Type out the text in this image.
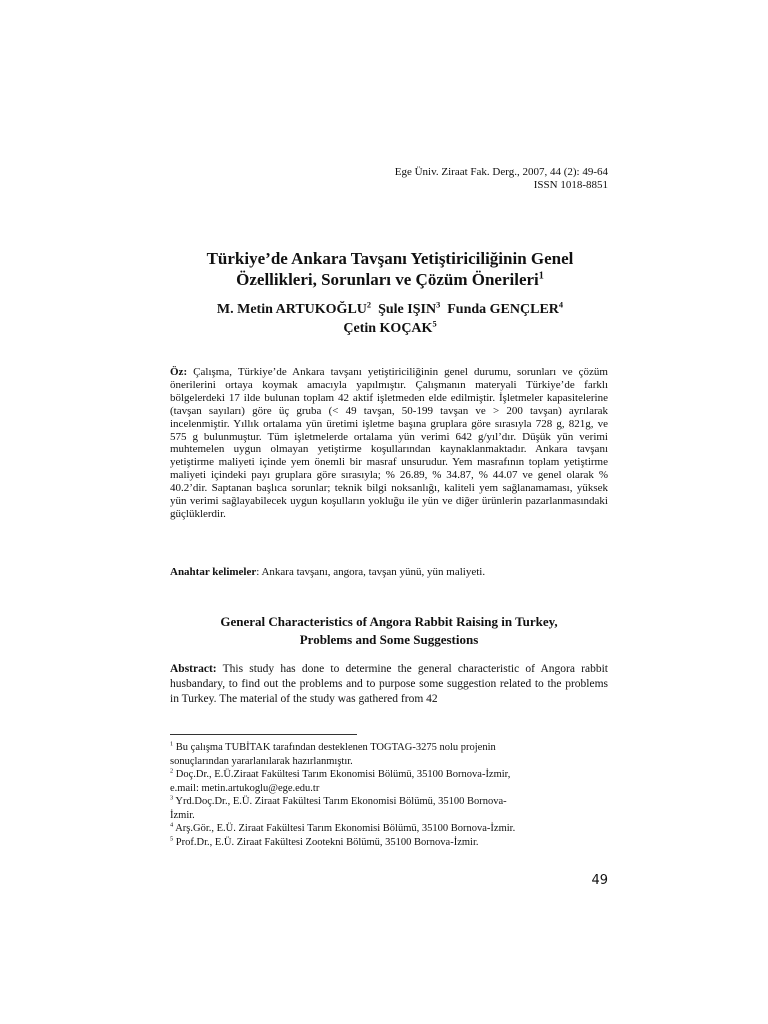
Ege Üniv. Ziraat Fak. Derg., 2007, 44 (2): 49-64
ISSN 1018-8851
Türkiye’de Ankara Tavşanı Yetiştiriciliğinin Genel
Özellikleri, Sorunları ve Çözüm Önerileri$^1$
M. Metin ARTUKOĞLU$^2$ Şule IŞIN$^3$ Funda GENÇLER$^4$
Çetin KOÇAK$^5$
Öz: Çalışma, Türkiye’de Ankara tavşanı yetiştiriciliğinin genel durumu, sorunları ve çözüm önerilerini ortaya koymak amacıyla yapılmıştır. Çalışmanın materyali Türkiye’de farklı bölgelerdeki 17 ilde bulunan toplam 42 aktif işletmeden elde edilmiştir. İşletmeler kapasitelerine (tavşan sayıları) göre üç gruba (< 49 tavşan, 50-199 tavşan ve > 200 tavşan) ayrılarak incelenmiştir. Yıllık ortalama yün üretimi işletme başına gruplara göre sırasıyla 728 g, 821g, ve 575 g bulunmuştur. Tüm işletmelerde ortalama yün verimi 642 g/yıl’dır. Düşük yün verimi muhtemelen uygun olmayan yetiştirme koşullarından kaynaklanmaktadır. Ankara tavşanı yetiştirme maliyeti içinde yem önemli bir masraf unsurudur. Yem masrafının toplam yetiştirme maliyeti içindeki payı gruplara göre sırasıyla; % 26.89, % 34.87, % 44.07 ve genel olarak % 40.2’dir. Saptanan başlıca sorunlar; teknik bilgi noksanlığı, kaliteli yem sağlanamaması, yüksek yün verimi sağlayabilecek uygun koşulların yokluğu ile yün ve diğer ürünlerin pazarlanmasındaki güçlüklerdir.
Anahtar kelimeler: Ankara tavşanı, angora, tavşan yünü, yün maliyeti.
General Characteristics of Angora Rabbit Raising in Turkey,
Problems and Some Suggestions
Abstract: This study has done to determine the general characteristic of Angora rabbit husbandary, to find out the problems and to purpose some suggestion related to the problems in Turkey. The material of the study was gathered from 42

$^1$ Bu çalışma TUBİTAK tarafından desteklenen TOGTAG-3275 nolu projenin
sonuçlarından yararlanılarak hazırlanmıştır.

$^2$ Doç.Dr., E.Ü.Ziraat Fakültesi Tarım Ekonomisi Bölümü, 35100 Bornova-İzmir,
e.mail: metin.artukoglu@ege.edu.tr

$^3$ Yrd.Doç.Dr., E.Ü. Ziraat Fakültesi Tarım Ekonomisi Bölümü, 35100 Bornova-
İzmir.

$^4$ Arş.Gör., E.Ü. Ziraat Fakültesi Tarım Ekonomisi Bölümü, 35100 Bornova-İzmir.

$^5$ Prof.Dr., E.Ü. Ziraat Fakültesi Zootekni Bölümü, 35100 Bornova-İzmir.

49
